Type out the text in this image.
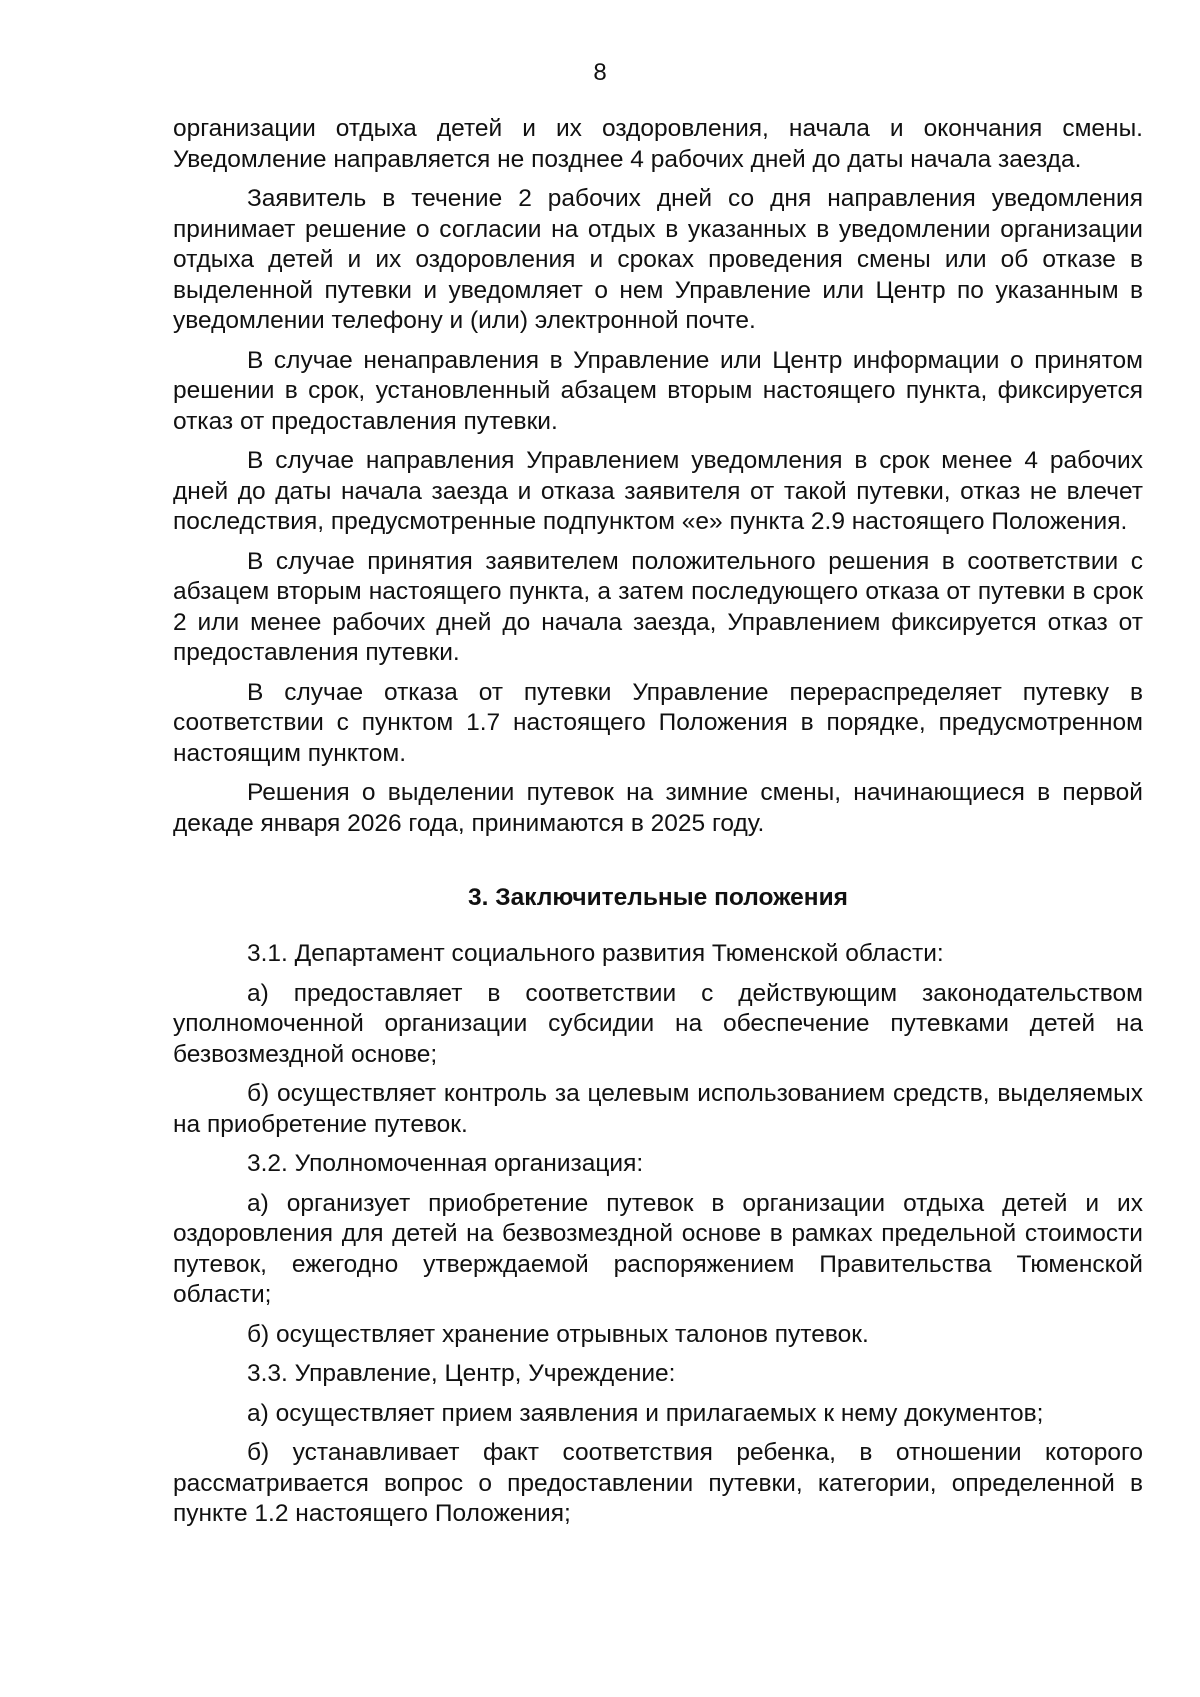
8

организации отдыха детей и их оздоровления, начала и окончания смены. Уведомление направляется не позднее 4 рабочих дней до даты начала заезда.

Заявитель в течение 2 рабочих дней со дня направления уведомления принимает решение о согласии на отдых в указанных в уведомлении организации отдыха детей и их оздоровления и сроках проведения смены или об отказе в выделенной путевки и уведомляет о нем Управление или Центр по указанным в уведомлении телефону и (или) электронной почте.

В случае ненаправления в Управление или Центр информации о принятом решении в срок, установленный абзацем вторым настоящего пункта, фиксируется отказ от предоставления путевки.

В случае направления Управлением уведомления в срок менее 4 рабочих дней до даты начала заезда и отказа заявителя от такой путевки, отказ не влечет последствия, предусмотренные подпунктом «е» пункта 2.9 настоящего Положения.

В случае принятия заявителем положительного решения в соответствии с абзацем вторым настоящего пункта, а затем последующего отказа от путевки в срок 2 или менее рабочих дней до начала заезда, Управлением фиксируется отказ от предоставления путевки.

В случае отказа от путевки Управление перераспределяет путевку в соответствии с пунктом 1.7 настоящего Положения в порядке, предусмотренном настоящим пунктом.

Решения о выделении путевок на зимние смены, начинающиеся в первой декаде января 2026 года, принимаются в 2025 году.

3. Заключительные положения

3.1. Департамент социального развития Тюменской области:

а) предоставляет в соответствии с действующим законодательством уполномоченной организации субсидии на обеспечение путевками детей на безвозмездной основе;

б) осуществляет контроль за целевым использованием средств, выделяемых на приобретение путевок.

3.2. Уполномоченная организация:

а) организует приобретение путевок в организации отдыха детей и их оздоровления для детей на безвозмездной основе в рамках предельной стоимости путевок, ежегодно утверждаемой распоряжением Правительства Тюменской области;

б) осуществляет хранение отрывных талонов путевок.

3.3. Управление, Центр, Учреждение:

а) осуществляет прием заявления и прилагаемых к нему документов;

б) устанавливает факт соответствия ребенка, в отношении которого рассматривается вопрос о предоставлении путевки, категории, определенной в пункте 1.2 настоящего Положения;
